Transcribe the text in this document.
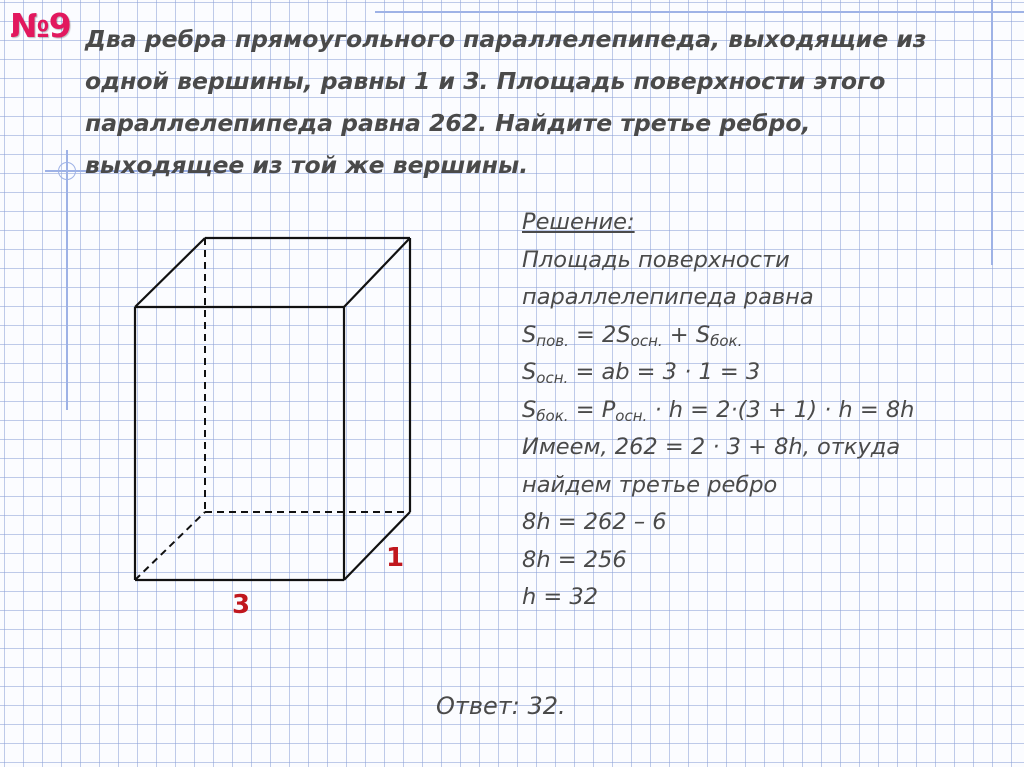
№9 Два ребра прямоугольного параллелепипеда, выходящие из
одной вершины, равны 1 и 3. Площадь поверхности этого
параллелепипеда равна 262. Найдите третье ребро,
выходящее из той же вершины.
3
1
Решение:
Площадь поверхности
параллелепипеда равна
$S_{пов.} = 2S_{осн.} + S_{бок.}$
$S_{осн.}$ = ab = 3 · 1 = 3
$S_{бок.} = P_{осн.} \cdot h = 2\cdot(3 + 1) \cdot h = 8h$
Имеем, 262 = 2 · 3 + 8h, откуда
найдем третье ребро
8h = 262 – 6
8h = 256
h = 32
Ответ: 32.
